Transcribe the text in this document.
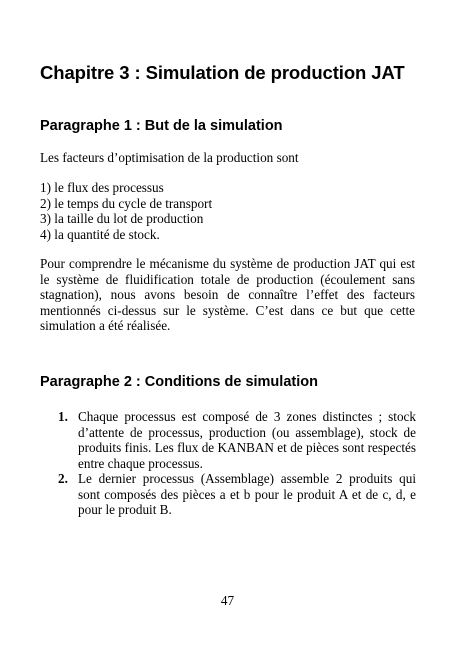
Chapitre 3 : Simulation de production JAT
Paragraphe 1 : But de la simulation

Les facteurs d’optimisation de la production sont

1) le flux des processus
2) le temps du cycle de transport
3) la taille du lot de production
4) la quantité de stock.

Pour comprendre le mécanisme du système de production JAT qui est le système de fluidification totale de production (écoulement sans stagnation), nous avons besoin de connaître l’effet des facteurs mentionnés ci-dessus sur le système. C’est dans ce but que cette simulation a été réalisée.

Paragraphe 2 : Conditions de simulation
1. Chaque processus est composé de 3 zones distinctes ; stock d’attente de processus, production (ou assemblage), stock de produits finis. Les flux de KANBAN et de pièces sont respectés entre chaque processus.
2. Le dernier processus (Assemblage) assemble 2 produits qui sont composés des pièces a et b pour le produit A et de c, d, e pour le produit B.

47
